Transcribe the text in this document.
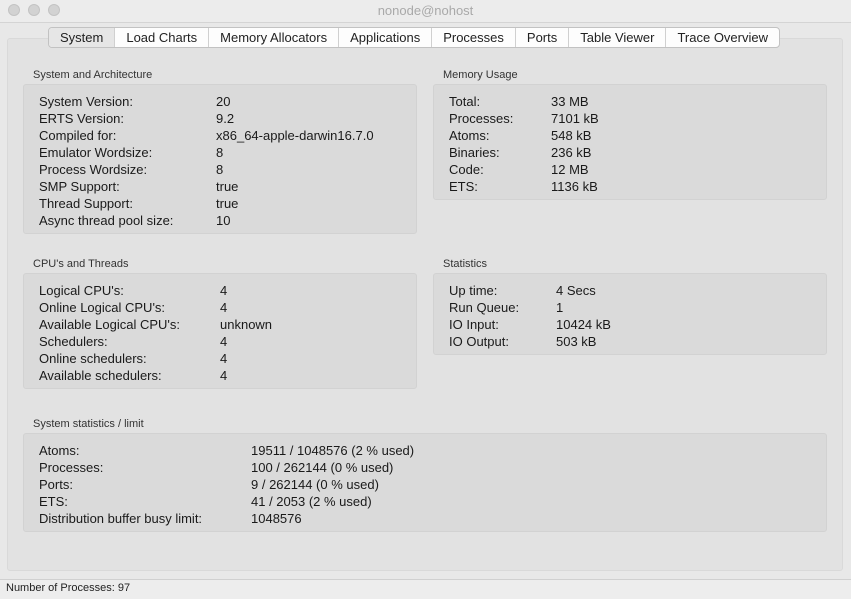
nonode@nohost
System	Load Charts	Memory Allocators	Applications	Processes	Ports	Table Viewer	Trace Overview
System and Architecture
System Version:	20
ERTS Version:	9.2
Compiled for:	x86_64-apple-darwin16.7.0
Emulator Wordsize:	8
Process Wordsize:	8
SMP Support:	true
Thread Support:	true
Async thread pool size:	10
Memory Usage
Total:	33 MB
Processes:	7101 kB
Atoms:	548 kB
Binaries:	236 kB
Code:	12 MB
ETS:	1136 kB
CPU's and Threads
Logical CPU's:	4
Online Logical CPU's:	4
Available Logical CPU's:	unknown
Schedulers:	4
Online schedulers:	4
Available schedulers:	4
Statistics
Up time:	4 Secs
Run Queue:	1
IO Input:	10424 kB
IO Output:	503 kB
System statistics / limit
Atoms:	19511 / 1048576 (2 % used)
Processes:	100 / 262144 (0 % used)
Ports:	9 / 262144 (0 % used)
ETS:	41 / 2053 (2 % used)
Distribution buffer busy limit:	1048576
Number of Processes: 97
